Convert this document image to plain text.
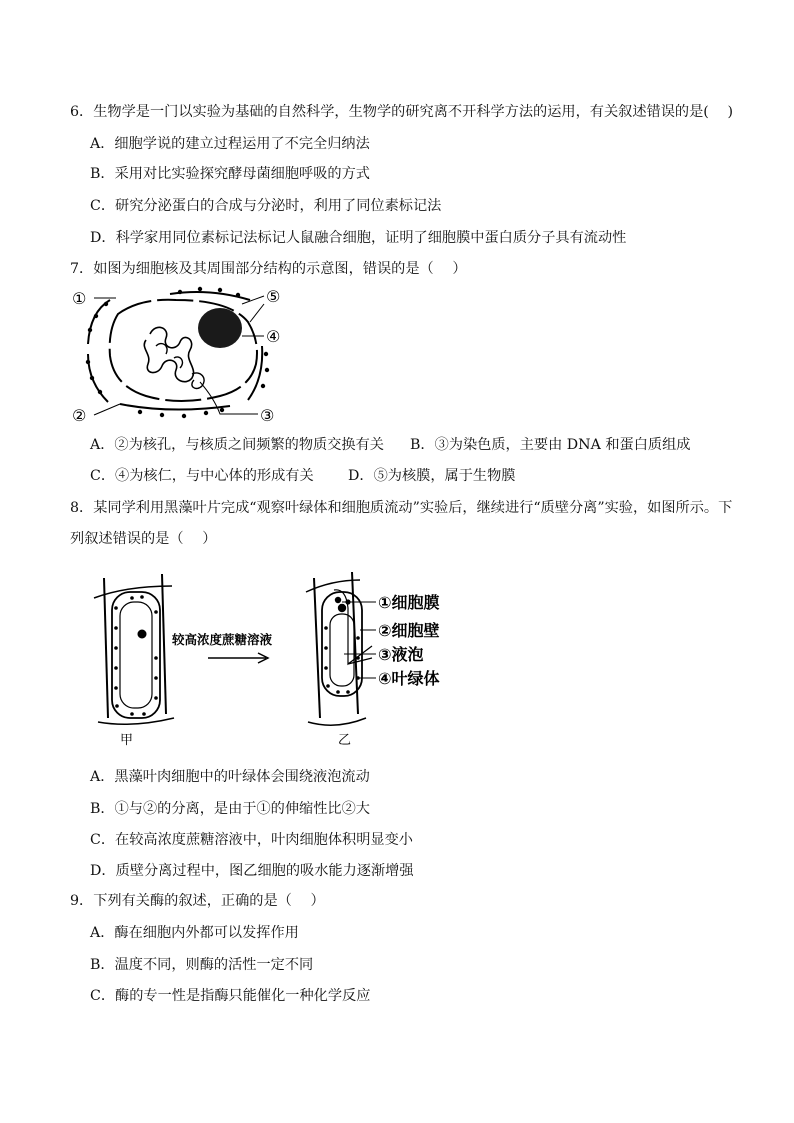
6．生物学是一门以实验为基础的自然科学，生物学的研究离不开科学方法的运用，有关叙述错误的是(　 )
A．细胞学说的建立过程运用了不完全归纳法
B．采用对比实验探究酵母菌细胞呼吸的方式
C．研究分泌蛋白的合成与分泌时，利用了同位素标记法
D．科学家用同位素标记法标记人鼠融合细胞，证明了细胞膜中蛋白质分子具有流动性
7．如图为细胞核及其周围部分结构的示意图，错误的是（　 ）
①
②	③
④
⑤
A．②为核孔，与核质之间频繁的物质交换有关 B．③为染色质，主要由 DNA 和蛋白质组成
C．④为核仁，与中心体的形成有关 D．⑤为核膜，属于生物膜
8．某同学利用黑藻叶片完成“观察叶绿体和细胞质流动”实验后，继续进行“质壁分离”实验，如图所示。下
列叙述错误的是（　 ）
甲
较高浓度蔗糖溶液
乙
①细胞膜
②细胞壁
③液泡
④叶绿体
A．黑藻叶肉细胞中的叶绿体会围绕液泡流动
B．①与②的分离，是由于①的伸缩性比②大
C．在较高浓度蔗糖溶液中，叶肉细胞体积明显变小
D．质壁分离过程中，图乙细胞的吸水能力逐渐增强
9．下列有关酶的叙述，正确的是（　 ）
A．酶在细胞内外都可以发挥作用
B．温度不同，则酶的活性一定不同
C．酶的专一性是指酶只能催化一种化学反应
